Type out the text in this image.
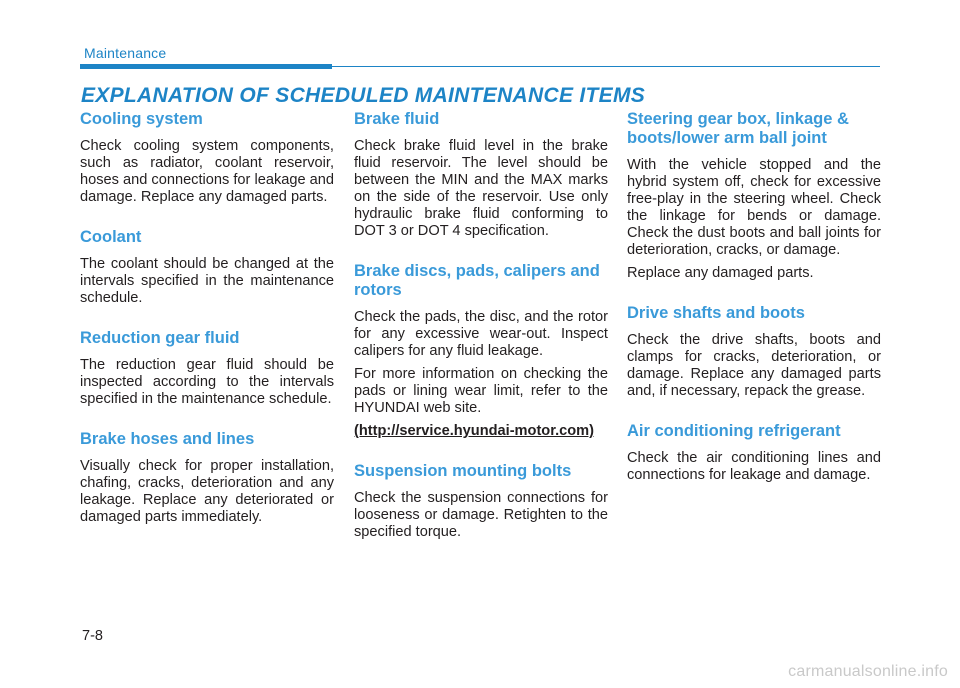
Maintenance
EXPLANATION OF SCHEDULED MAINTENANCE ITEMS
Cooling system

Check cooling system components, such as radiator, coolant reservoir, hoses and connections for leakage and damage. Replace any damaged parts.

Coolant

The coolant should be changed at the intervals specified in the maintenance schedule.

Reduction gear fluid

The reduction gear fluid should be inspected according to the intervals specified in the maintenance schedule.

Brake hoses and lines

Visually check for proper installation, chafing, cracks, deterioration and any leakage. Replace any deteriorated or damaged parts immediately.

Brake fluid

Check brake fluid level in the brake fluid reservoir. The level should be between the MIN and the MAX marks on the side of the reservoir. Use only hydraulic brake fluid conforming to DOT 3 or DOT 4 specification.

Brake discs, pads, calipers and rotors

Check the pads, the disc, and the rotor for any excessive wear-out. Inspect calipers for any fluid leakage.

For more information on checking the pads or lining wear limit, refer to the HYUNDAI web site.

(http://service.hyundai-motor.com)
Suspension mounting bolts

Check the suspension connections for looseness or damage. Retighten to the specified torque.

Steering gear box, linkage & boots/lower arm ball joint

With the vehicle stopped and the hybrid system off, check for excessive free-play in the steering wheel. Check the linkage for bends or damage. Check the dust boots and ball joints for deterioration, cracks, or damage.

Replace any damaged parts.

Drive shafts and boots

Check the drive shafts, boots and clamps for cracks, deterioration, or damage. Replace any damaged parts and, if necessary, repack the grease.

Air conditioning refrigerant

Check the air conditioning lines and connections for leakage and damage.

7-8
carmanualsonline.info
